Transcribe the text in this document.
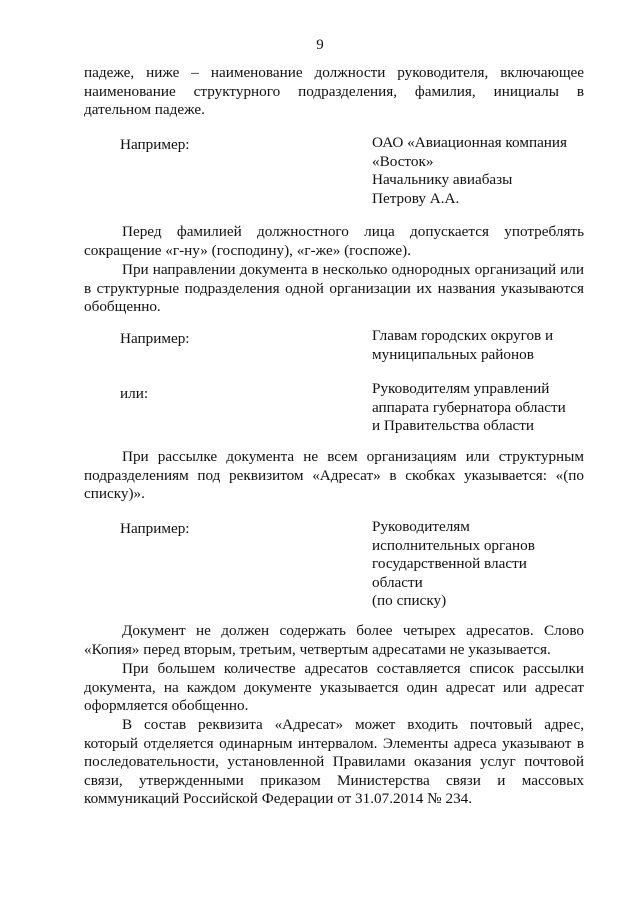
9

падеже, ниже – наименование должности руководителя, включающее наименование структурного подразделения, фамилия, инициалы в дательном падеже.

Например:	ОАО «Авиационная компания
«Восток»
Начальнику авиабазы
Петрову А.А.

Перед фамилией должностного лица допускается употреблять сокращение «г-ну» (господину), «г-же» (госпоже).

При направлении документа в несколько однородных организаций или в структурные подразделения одной организации их названия указываются обобщенно.

Например:	Главам городских округов и
муниципальных районов
или:	Руководителям управлений
аппарата губернатора области
и Правительства области

При рассылке документа не всем организациям или структурным подразделениям под реквизитом «Адресат» в скобках указывается: «(по списку)».

Например:	Руководителям
исполнительных органов
государственной власти
области
(по списку)

Документ не должен содержать более четырех адресатов. Слово «Копия» перед вторым, третьим, четвертым адресатами не указывается.

При большем количестве адресатов составляется список рассылки документа, на каждом документе указывается один адресат или адресат оформляется обобщенно.

В состав реквизита «Адресат» может входить почтовый адрес, который отделяется одинарным интервалом. Элементы адреса указывают в последовательности, установленной Правилами оказания услуг почтовой связи, утвержденными приказом Министерства связи и массовых коммуникаций Российской Федерации от 31.07.2014 № 234.
